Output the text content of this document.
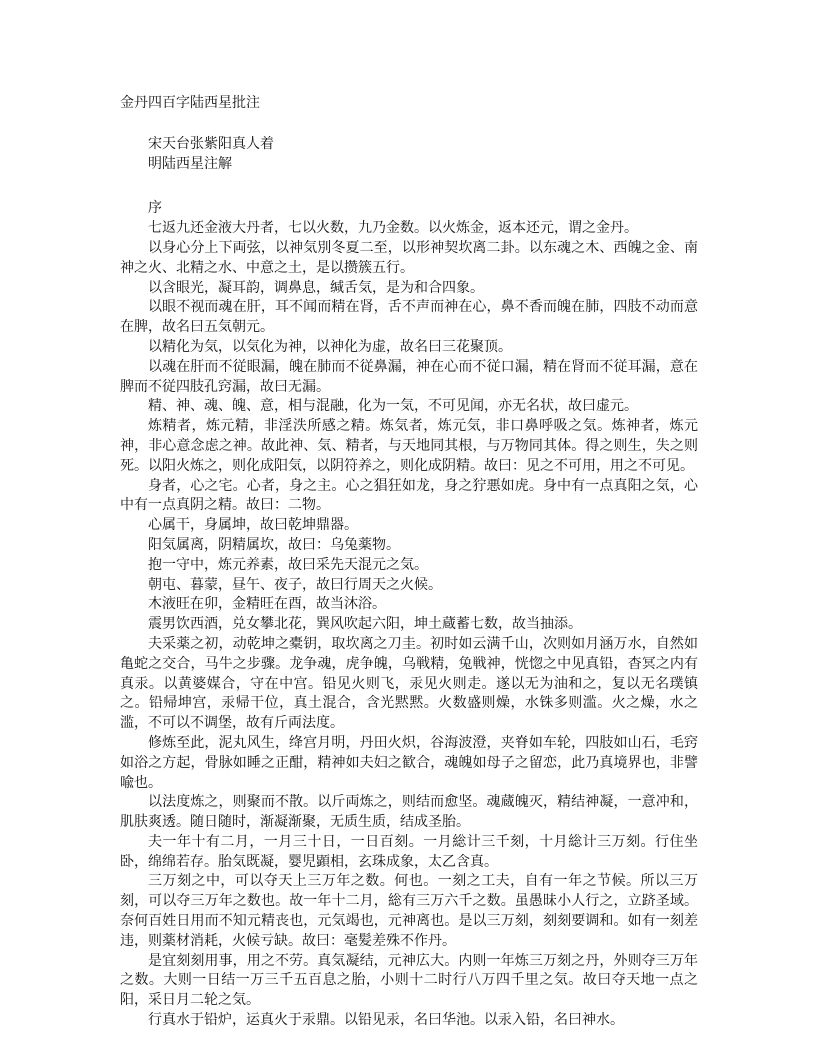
金丹四百字陆西星批注
宋天台张紫阳真人着
明陆西星注解
序

七返九还金液大丹者，七以火数，九乃金数。以火炼金，返本还元，谓之金丹。

以身心分上下両弦，以神気別冬夏二至，以形神契坎离二卦。以东魂之木、西魄之金、南神之火、北精之水、中意之土，是以攒簇五行。

以含眼光，凝耳韵，调鼻息，缄舌気，是为和合四象。

以眼不视而魂在肝，耳不闻而精在肾，舌不声而神在心，鼻不香而魄在肺，四肢不动而意在脾，故名曰五気朝元。

以精化为気，以気化为神，以神化为虚，故名曰三花聚顶。

以魂在肝而不従眼漏，魄在肺而不従鼻漏，神在心而不従口漏，精在肾而不従耳漏，意在脾而不従四肢孔窍漏，故曰无漏。

精、神、魂、魄、意，相与混融，化为一気，不可见闻，亦无名状，故曰虚元。

炼精者，炼元精，非淫泆所感之精。炼気者，炼元気，非口鼻呼吸之気。炼神者，炼元神，非心意念虑之神。故此神、気、精者，与天地同其根，与万物同其体。得之则生，失之则死。以阳火炼之，则化成阳気，以阴符养之，则化成阴精。故曰：见之不可用，用之不可见。

身者，心之宅。心者，身之主。心之猖狂如龙，身之狞悪如虎。身中有一点真阳之気，心中有一点真阴之精。故曰：二物。

心属干，身属坤，故曰乾坤鼎器。

阳気属离，阴精属坎，故曰：乌兔薬物。

抱一守中，炼元养素，故曰采先天混元之気。

朝屯、暮蒙，昼午、夜子，故曰行周天之火候。

木液旺在卯，金精旺在酉，故当沐浴。

震男饮西酒，兑女攀北花，巽风吹起六阳，坤土蔵蓄七数，故当抽添。

夫采薬之初，动乾坤之橐钥，取坎离之刀圭。初时如云满千山，次则如月涵万水，自然如亀蛇之交合，马牛之步骤。龙争魂，虎争魄，乌戦精，兔戦神，恍惚之中见真铅，杳冥之内有真汞。以黄婆媒合，守在中宫。铅见火则飞，汞见火则走。遂以无为油和之，复以无名璞镇之。铅帰坤宫，汞帰干位，真土混合，含光黙黙。火数盛则燥，水铢多则滥。火之燥，水之滥，不可以不调堡，故有斤両法度。

修炼至此，泥丸风生，绛宫月明，丹田火炽，谷海波澄，夹脊如车轮，四肢如山石，毛窍如浴之方起，骨脉如睡之正酣，精神如夫妇之歓合，魂魄如母子之留恋，此乃真境界也，非譬喩也。

以法度炼之，则聚而不散。以斤両炼之，则结而愈坚。魂蔵魄灭，精结神凝，一意冲和，肌肤爽透。随日随时，渐凝渐聚，无质生质，结成圣胎。

夫一年十有二月，一月三十日，一日百刻。一月総计三千刻，十月総计三万刻。行住坐卧，绵绵若存。胎気既凝，婴児顕相，玄珠成象，太乙含真。

三万刻之中，可以夺天上三万年之数。何也。一刻之工夫，自有一年之节候。所以三万刻，可以夺三万年之数也。故一年十二月，総有三万六千之数。虽愚昧小人行之，立跻圣域。奈何百姓日用而不知元精丧也，元気竭也，元神离也。是以三万刻，刻刻要调和。如有一刻差违，则薬材消耗，火候亏缺。故曰：毫髪差殊不作丹。

是宜刻刻用事，用之不劳。真気凝结，元神広大。内则一年炼三万刻之丹，外则夺三万年之数。大则一日结一万三千五百息之胎，小则十二时行八万四千里之気。故曰夺天地一点之阳，采日月二轮之気。

行真水于铅炉，运真火于汞鼎。以铅见汞，名曰华池。以汞入铅，名曰神水。
